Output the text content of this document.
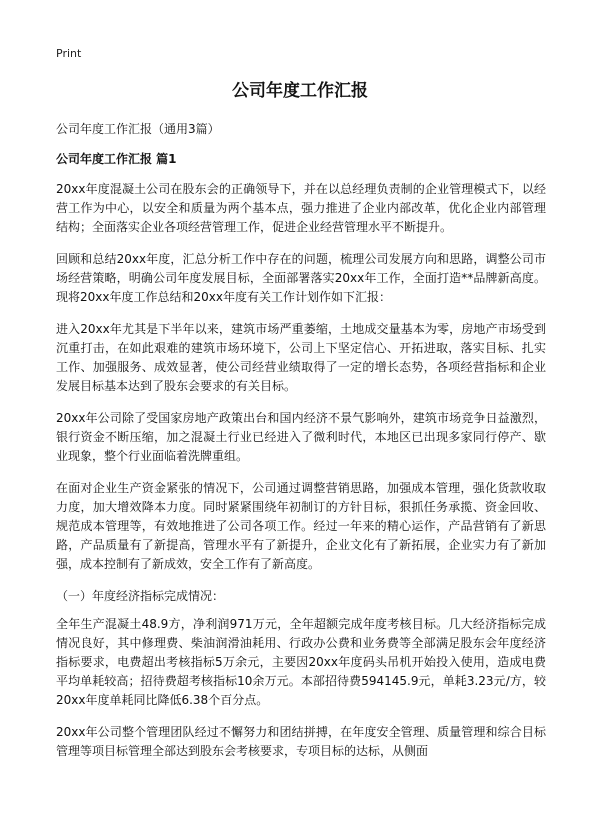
Print
公司年度工作汇报
公司年度工作汇报（通用3篇）
公司年度工作汇报 篇1

20xx年度混凝土公司在股东会的正确领导下，并在以总经理负责制的企业管理模式下，以经营工作为中心，以安全和质量为两个基本点，强力推进了企业内部改革，优化企业内部管理结构；全面落实企业各项经营管理工作，促进企业经营管理水平不断提升。

回顾和总结20xx年度，汇总分析工作中存在的问题，梳理公司发展方向和思路，调整公司市场经营策略，明确公司年度发展目标，全面部署落实20xx年工作，全面打造**品牌新高度。现将20xx年度工作总结和20xx年度有关工作计划作如下汇报：

进入20xx年尤其是下半年以来，建筑市场严重萎缩，土地成交量基本为零，房地产市场受到沉重打击，在如此艰难的建筑市场环境下，公司上下坚定信心、开拓进取，落实目标、扎实工作、加强服务、成效显著，使公司经营业绩取得了一定的增长态势，各项经营指标和企业发展目标基本达到了股东会要求的有关目标。

20xx年公司除了受国家房地产政策出台和国内经济不景气影响外，建筑市场竞争日益激烈，银行资金不断压缩，加之混凝土行业已经进入了微利时代，本地区已出现多家同行停产、歇业现象，整个行业面临着洗牌重组。

在面对企业生产资金紧张的情况下，公司通过调整营销思路，加强成本管理，强化货款收取力度，加大增效降本力度。同时紧紧围绕年初制订的方针目标，狠抓任务承揽、资金回收、规范成本管理等，有效地推进了公司各项工作。经过一年来的精心运作，产品营销有了新思路，产品质量有了新提高，管理水平有了新提升，企业文化有了新拓展，企业实力有了新加强，成本控制有了新成效，安全工作有了新高度。

（一）年度经济指标完成情况：

全年生产混凝土48.9方，净利润971万元，全年超额完成年度考核目标。几大经济指标完成情况良好，其中修理费、柴油润滑油耗用、行政办公费和业务费等全部满足股东会年度经济指标要求，电费超出考核指标5万余元，主要因20xx年度码头吊机开始投入使用，造成电费平均单耗较高；招待费超考核指标10余万元。本部招待费594145.9元，单耗3.23元/方，较20xx年度单耗同比降低6.38个百分点。

20xx年公司整个管理团队经过不懈努力和团结拼搏，在年度安全管理、质量管理和综合目标管理等项目标管理全部达到股东会考核要求，专项目标的达标，从侧面
